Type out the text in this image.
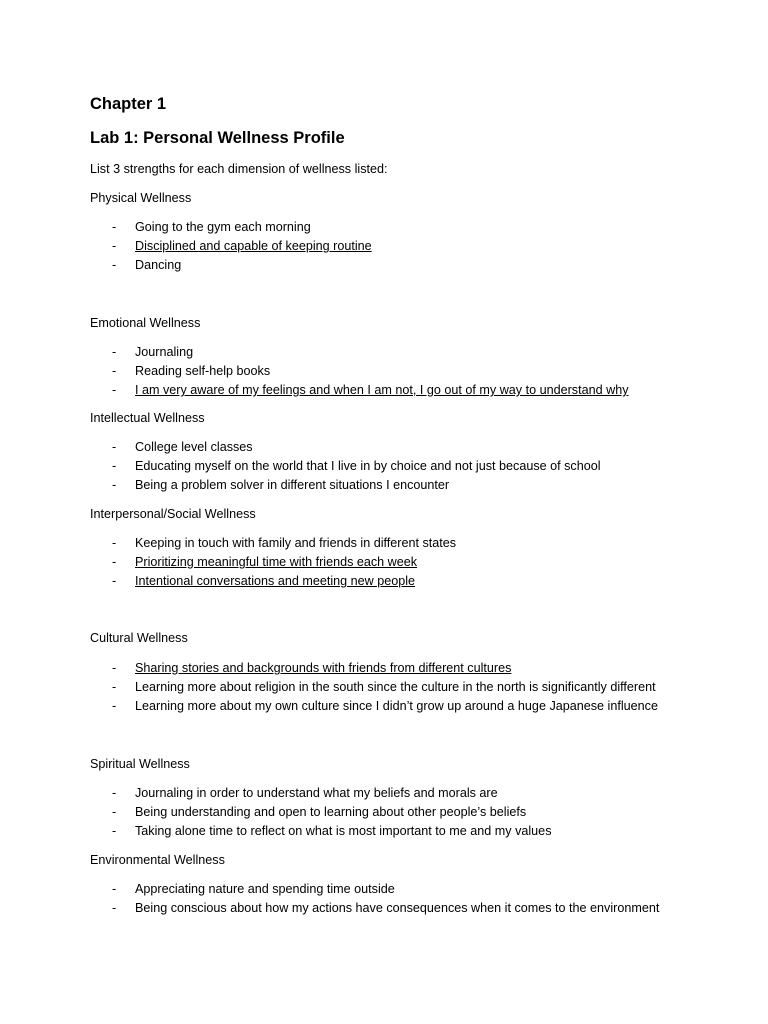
Chapter 1

Lab 1: Personal Wellness Profile

List 3 strengths for each dimension of wellness listed:

Physical Wellness

- Going to the gym each morning
- Disciplined and capable of keeping routine
- Dancing

Emotional Wellness

- Journaling
- Reading self-help books
- I am very aware of my feelings and when I am not, I go out of my way to understand why

Intellectual Wellness

- College level classes
- Educating myself on the world that I live in by choice and not just because of school
- Being a problem solver in different situations I encounter

Interpersonal/Social Wellness

- Keeping in touch with family and friends in different states
- Prioritizing meaningful time with friends each week
- Intentional conversations and meeting new people

Cultural Wellness

- Sharing stories and backgrounds with friends from different cultures
- Learning more about religion in the south since the culture in the north is significantly different
- Learning more about my own culture since I didn’t grow up around a huge Japanese influence

Spiritual Wellness

- Journaling in order to understand what my beliefs and morals are
- Being understanding and open to learning about other people’s beliefs
- Taking alone time to reflect on what is most important to me and my values

Environmental Wellness

- Appreciating nature and spending time outside
- Being conscious about how my actions have consequences when it comes to the environment
